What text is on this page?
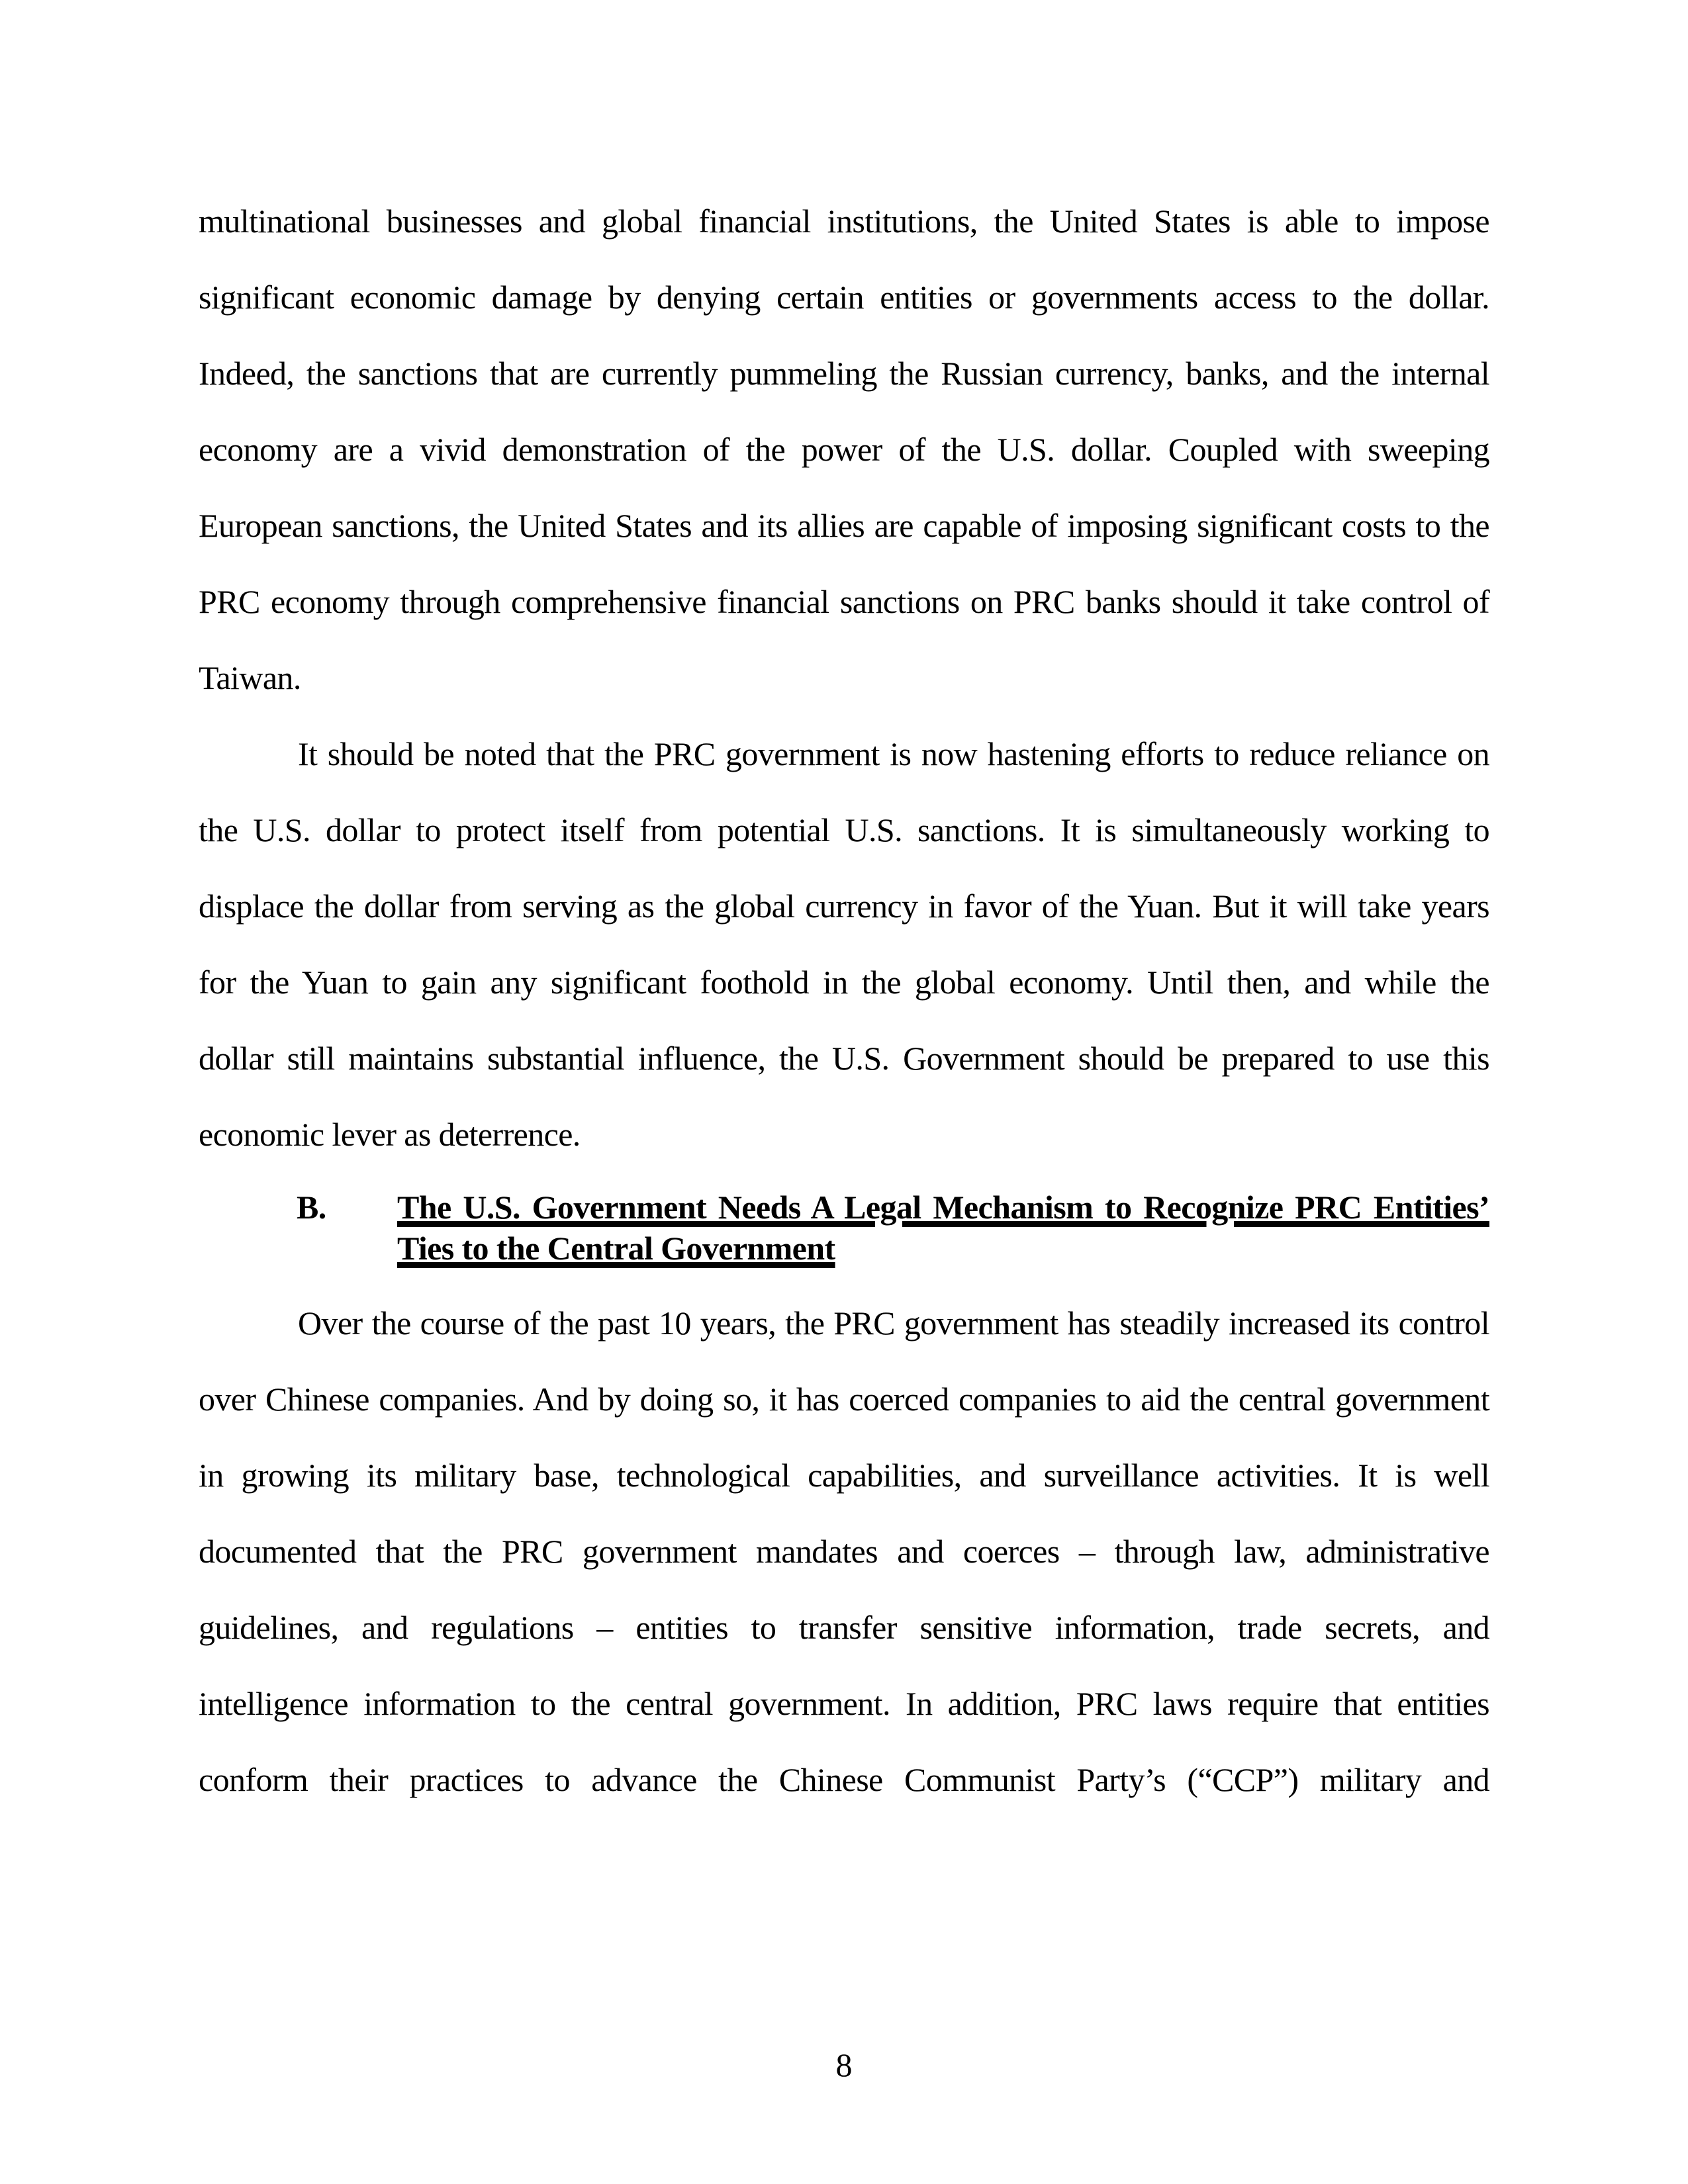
multinational businesses and global financial institutions, the United States is able to impose
significant economic damage by denying certain entities or governments access to the dollar.
Indeed, the sanctions that are currently pummeling the Russian currency, banks, and the internal
economy are a vivid demonstration of the power of the U.S. dollar. Coupled with sweeping
European sanctions, the United States and its allies are capable of imposing significant costs to the
PRC economy through comprehensive financial sanctions on PRC banks should it take control of
Taiwan.
It should be noted that the PRC government is now hastening efforts to reduce reliance on
the U.S. dollar to protect itself from potential U.S. sanctions. It is simultaneously working to
displace the dollar from serving as the global currency in favor of the Yuan. But it will take years
for the Yuan to gain any significant foothold in the global economy. Until then, and while the
dollar still maintains substantial influence, the U.S. Government should be prepared to use this
economic lever as deterrence.
B. The U.S. Government Needs A Legal Mechanism to Recognize PRC Entities’
Ties to the Central Government
Over the course of the past 10 years, the PRC government has steadily increased its control
over Chinese companies. And by doing so, it has coerced companies to aid the central government
in growing its military base, technological capabilities, and surveillance activities. It is well
documented that the PRC government mandates and coerces – through law, administrative
guidelines, and regulations – entities to transfer sensitive information, trade secrets, and
intelligence information to the central government. In addition, PRC laws require that entities
conform their practices to advance the Chinese Communist Party’s (“CCP”) military and
8
